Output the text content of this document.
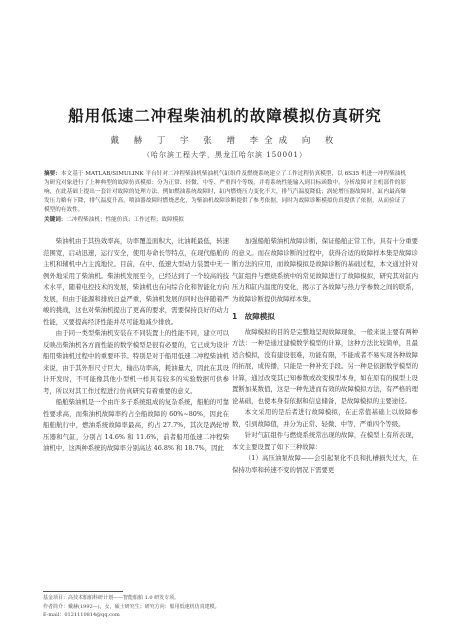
船用低速二冲程柴油机的故障模拟仿真研究
戴 赫 丁 宇 张 增 李全成 向 枚
（哈尔滨工程大学，黑龙江哈尔滨 150001）
摘要：本文基于 MATLAB/SIMULINK 平台针对二冲程柴油机柴油机气缸组件及燃烧系统建立了工作过程仿真模型，以 6S35 机进一冲程柴油机为研究对象进行了上种典型的故障仿真模拟：分为正常、轻微、中等、严重四个等级，并将系统性能输入到目标函数中，分析故障对主机部件的影响，在此基础上提出一套针对故障的处理方法，例如燃油系统故障时，缸内燃烧压力变化不大，排气汽温度降低；涡轮增压器故障时，缸内最高爆发压力略有下降，排气温度升高，喷油器故障时燃烧恶化，为柴油机故障诊断提供了参考依据，同时为故障诊断模拟仿真提供了依据，从而验证了模型的有效性。
关键词：二冲程柴油机；性能仿真；工作过程；故障模拟

柴油机由于其热效率高，功率覆盖面积大，比油耗最低，转速范围宽，启动迅速，运行安全，使用寿命长等特点，在现代船舶的主机和辅机中占主流地位。目前，在中、低速大型动力装置中无一例外地采用了柴油机。柴油机发展至今，已经达到了一个较高的技术水平，随着电控技术的发展，柴油机也在向综合化和智能化方向发展，但由于能源和排放日益严重，柴油机发展的同时也伴随着严峻的挑战，这也对柴油机提出了更高的要求，需要保持良好的动力性能，又要提高经济性能并尽可能地减少排放。

由于同一类型柴油机安装在不同装置上的性能不同，建立可以反映出柴油机各方面性能的数学模型是很有必要的，它已成为设计船用柴油机过程中的重要环节。特别是对于船用低速二冲程柴油机来说，由于其外形尺寸巨大，输出功率高，耗油量大，因此在其设计开发时，不可能像其他小型机一样具有较多的实验数据可供参考，所以对其工作过程进行仿真研究有着重要的意义。

船舶柴油机是一个由许多子系统组成的复杂系统，船舶的可靠性要求高，而柴油机故障率约占全船故障的 60%~80%，因此在船舶航行中，燃油系统故障率最高，约占 27.7%，其次是涡轮增压器和气缸，分别占 14.6% 和 11.6%，前者船用低速二冲程柴油机中，这两种系统的故障率分别高达 46.8% 和 18.7%，因此

加强船舶柴油机故障诊断，保证船舶正常工作，具有十分重要的意义。而在故障诊断的过程中，获得合适的故障样本集是故障诊断方法的应用，而故障模拟是故障诊断的基础过程，本文通过针对气缸组件与燃烧系统中的常见故障进行了故障模拟，研究其对缸内压力和缸内温度的变化，揭示了各故障与热力学参数之间的联系，为故障诊断提供故障样本集。

1　故障模拟

故障模拟的目的是完整地呈现故障现象，一般来说主要有两种方法：一种是通过建模数学模型的计算，这种方法比较简单，且最适合模拟，没有建设很难，功能有限，不能成者不易实现各种故障的拓展，成传播，只能是一种补充手段。另一种是依据数学模型的计算，通过改变其已知参数或改变模型本身，如在原有的模型上设置断加某数值，这是一种先进而有效的故障模拟方法，有严格的理论基础，也使本身有依据和信息储备，是故障模拟的主要途径。

本文采用的是后者进行故障模拟，在正常值基础上以故障参数，引到故障值，并分为正常、轻微、中等、严重四个等级。

针对气缸组件与燃烧系统常出现的故障，在模型上有所表现，本文主要设置了如下三种故障：

（1）高压油泵故障——会引起泵化不良和扎槽损失过大，在保持功率和转速不变的情况下需要更

基金项目：高技术船舶科研计划——智能船舶 1.0 研发专项。
作者简介：戴赫(1992—)，女，硕士研究生；研究方向：船用低速机仿真建模。
E-mail：0121110814@qq.com
